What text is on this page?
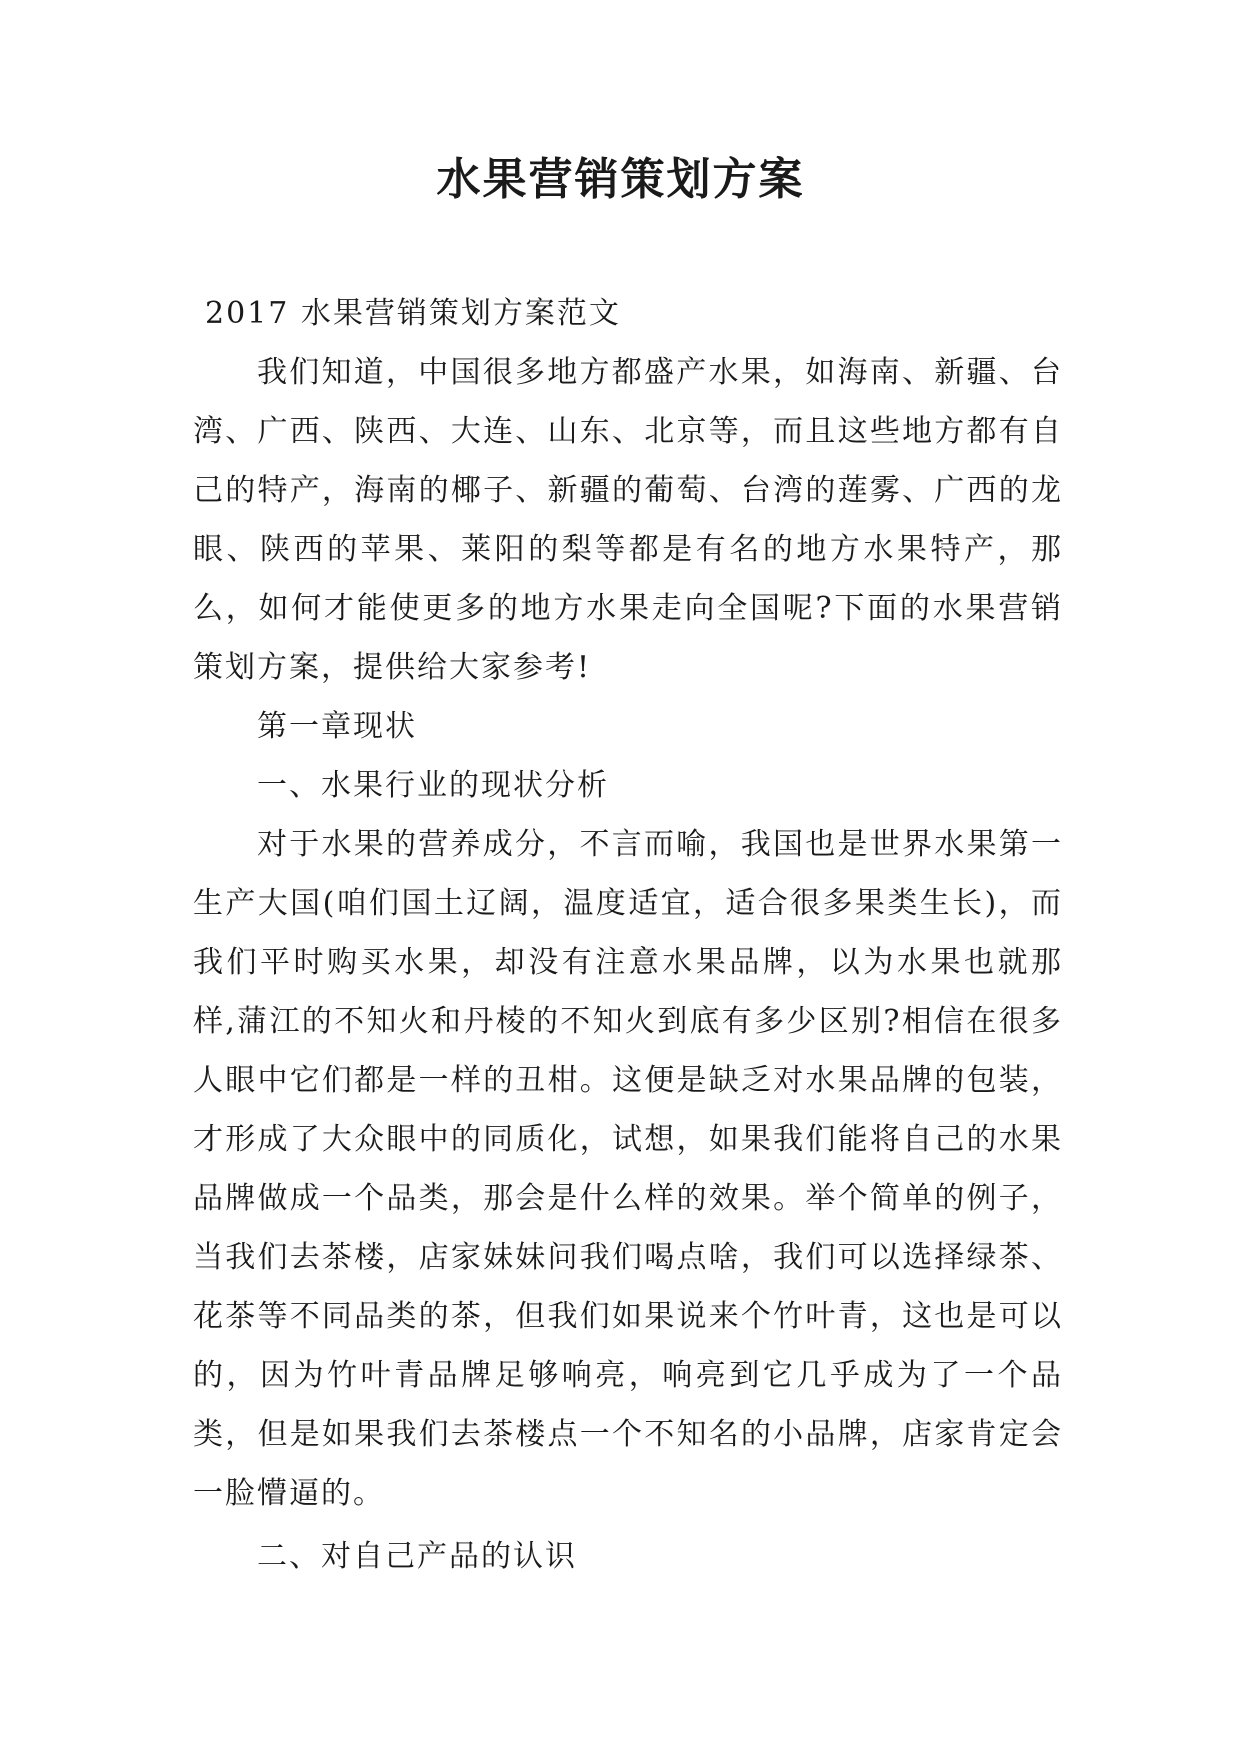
水果营销策划方案

2017 水果营销策划方案范文

我们知道，中国很多地方都盛产水果，如海南、新疆、台湾、广西、陕西、大连、山东、北京等，而且这些地方都有自己的特产，海南的椰子、新疆的葡萄、台湾的莲雾、广西的龙眼、陕西的苹果、莱阳的梨等都是有名的地方水果特产，那么，如何才能使更多的地方水果走向全国呢?下面的水果营销策划方案，提供给大家参考!

第一章现状

一、水果行业的现状分析

对于水果的营养成分，不言而喻，我国也是世界水果第一生产大国(咱们国土辽阔，温度适宜，适合很多果类生长)，而我们平时购买水果，却没有注意水果品牌，以为水果也就那样,蒲江的不知火和丹棱的不知火到底有多少区别?相信在很多人眼中它们都是一样的丑柑。这便是缺乏对水果品牌的包装，才形成了大众眼中的同质化，试想，如果我们能将自己的水果品牌做成一个品类，那会是什么样的效果。举个简单的例子，当我们去茶楼，店家妹妹问我们喝点啥，我们可以选择绿茶、花茶等不同品类的茶，但我们如果说来个竹叶青，这也是可以的，因为竹叶青品牌足够响亮，响亮到它几乎成为了一个品类，但是如果我们去茶楼点一个不知名的小品牌，店家肯定会一脸懵逼的。

二、对自己产品的认识
